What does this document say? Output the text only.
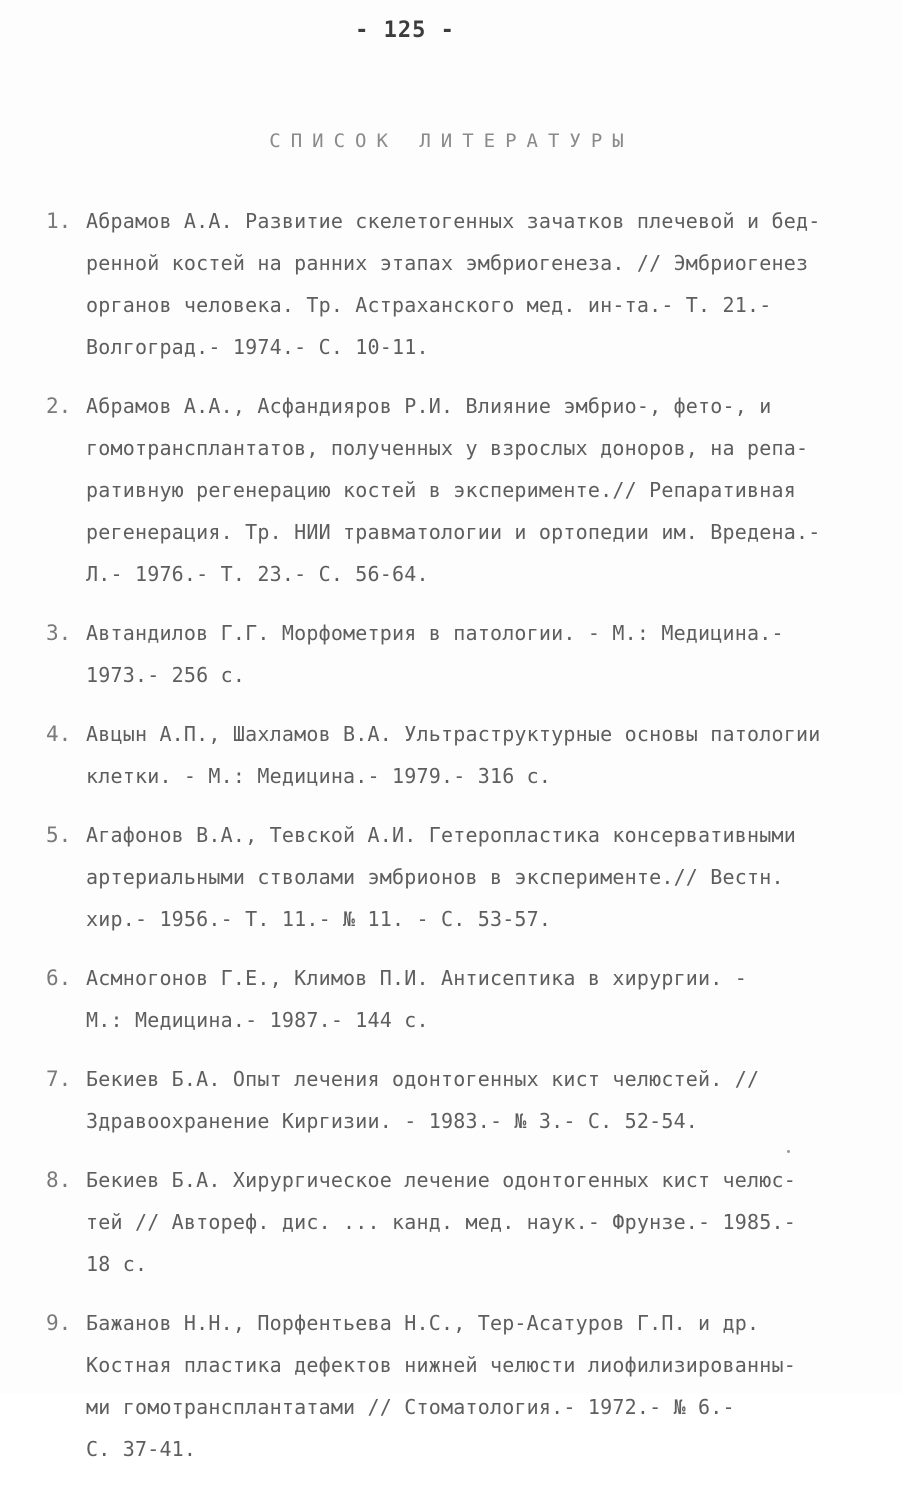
- 125 -
СПИСОК ЛИТЕРАТУРЫ
1. Абрамов А.А. Развитие скелетогенных зачатков плечевой и бед-
ренной костей на ранних этапах эмбриогенеза. // Эмбриогенез
органов человека. Тр. Астраханского мед. ин-та.- Т. 21.-
Волгоград.- 1974.- С. 10-11.
2. Абрамов А.А., Асфандияров Р.И. Влияние эмбрио-, фето-, и
гомотрансплантатов, полученных у взрослых доноров, на репа-
ративную регенерацию костей в эксперименте.// Репаративная
регенерация. Тр. НИИ травматологии и ортопедии им. Вредена.-
Л.- 1976.- Т. 23.- С. 56-64.
3. Автандилов Г.Г. Морфометрия в патологии. - М.: Медицина.-
1973.- 256 с.
4. Авцын А.П., Шахламов В.А. Ультраструктурные основы патологии
клетки. - М.: Медицина.- 1979.- 316 с.
5. Агафонов В.А., Тевской А.И. Гетеропластика консервативными
артериальными стволами эмбрионов в эксперименте.// Вестн.
хир.- 1956.- Т. 11.- № 11. - С. 53-57.
6. Асмногонов Г.Е., Климов П.И. Антисептика в хирургии. -
М.: Медицина.- 1987.- 144 с.
7. Бекиев Б.А. Опыт лечения одонтогенных кист челюстей. //
Здравоохранение Киргизии. - 1983.- № 3.- С. 52-54.
8. Бекиев Б.А. Хирургическое лечение одонтогенных кист челюс-
тей // Автореф. дис. ... канд. мед. наук.- Фрунзе.- 1985.-
18 с.
9. Бажанов Н.Н., Порфентьева Н.С., Тер-Асатуров Г.П. и др.
Костная пластика дефектов нижней челюсти лиофилизированны-
ми гомотрансплантатами // Стоматология.- 1972.- № 6.-
С. 37-41.
